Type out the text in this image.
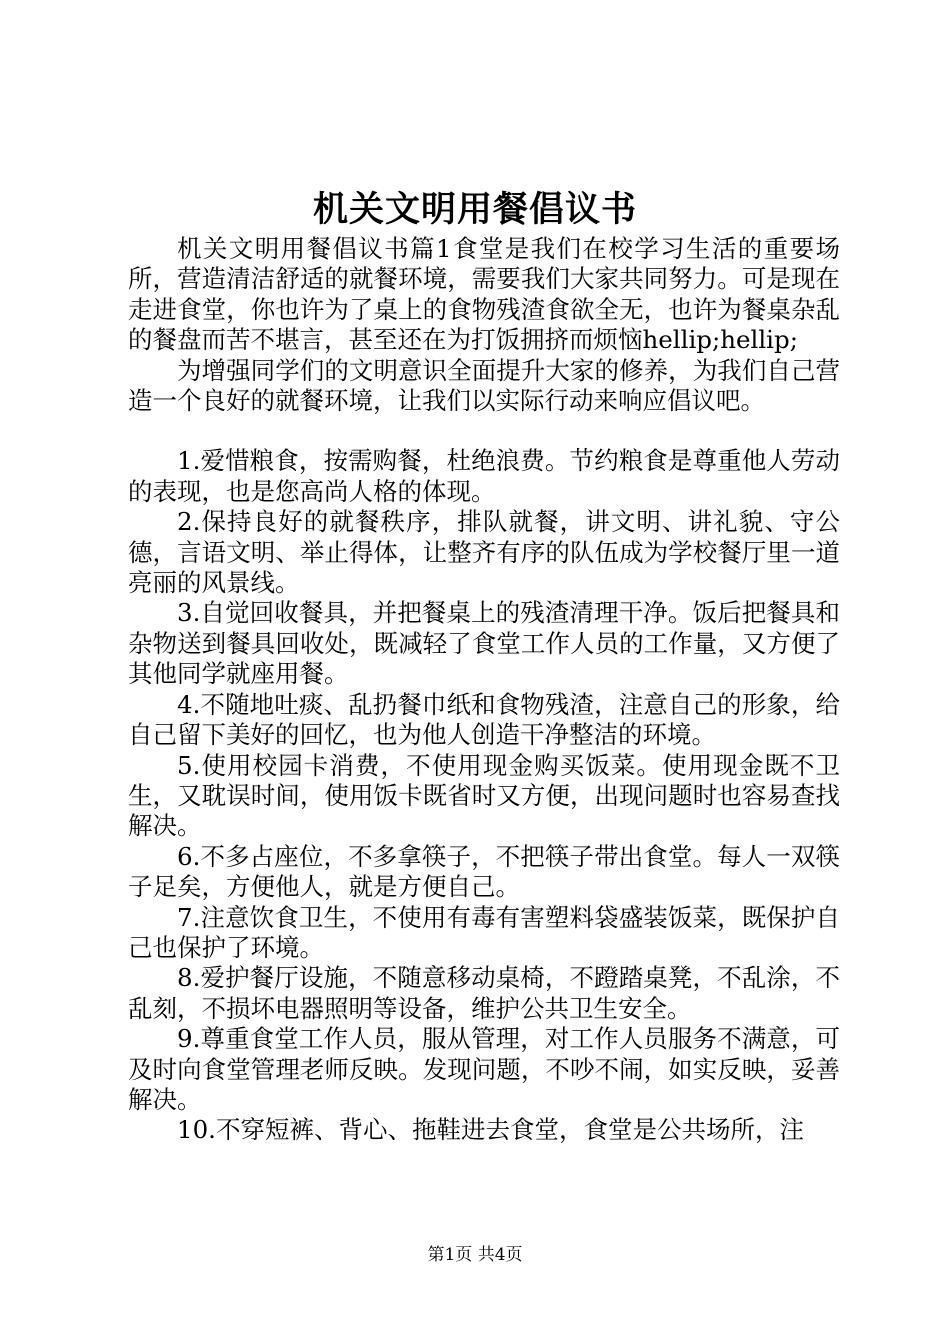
机关文明用餐倡议书

机关文明用餐倡议书篇1食堂是我们在校学习生活的重要场所，营造清洁舒适的就餐环境，需要我们大家共同努力。可是现在走进食堂，你也许为了桌上的食物残渣食欲全无，也许为餐桌杂乱的餐盘而苦不堪言，甚至还在为打饭拥挤而烦恼hellip;hellip;

为增强同学们的文明意识全面提升大家的修养，为我们自己营造一个良好的就餐环境，让我们以实际行动来响应倡议吧。

1.爱惜粮食，按需购餐，杜绝浪费。节约粮食是尊重他人劳动的表现，也是您高尚人格的体现。

2.保持良好的就餐秩序，排队就餐，讲文明、讲礼貌、守公德，言语文明、举止得体，让整齐有序的队伍成为学校餐厅里一道亮丽的风景线。

3.自觉回收餐具，并把餐桌上的残渣清理干净。饭后把餐具和杂物送到餐具回收处，既减轻了食堂工作人员的工作量，又方便了其他同学就座用餐。

4.不随地吐痰、乱扔餐巾纸和食物残渣，注意自己的形象，给自己留下美好的回忆，也为他人创造干净整洁的环境。

5.使用校园卡消费，不使用现金购买饭菜。使用现金既不卫生，又耽误时间，使用饭卡既省时又方便，出现问题时也容易查找解决。

6.不多占座位，不多拿筷子，不把筷子带出食堂。每人一双筷子足矣，方便他人，就是方便自己。

7.注意饮食卫生，不使用有毒有害塑料袋盛装饭菜，既保护自己也保护了环境。

8.爱护餐厅设施，不随意移动桌椅，不蹬踏桌凳，不乱涂，不乱刻，不损坏电器照明等设备，维护公共卫生安全。

9.尊重食堂工作人员，服从管理，对工作人员服务不满意，可及时向食堂管理老师反映。发现问题，不吵不闹，如实反映，妥善解决。

10.不穿短裤、背心、拖鞋进去食堂，食堂是公共场所，注

第1页 共4页
